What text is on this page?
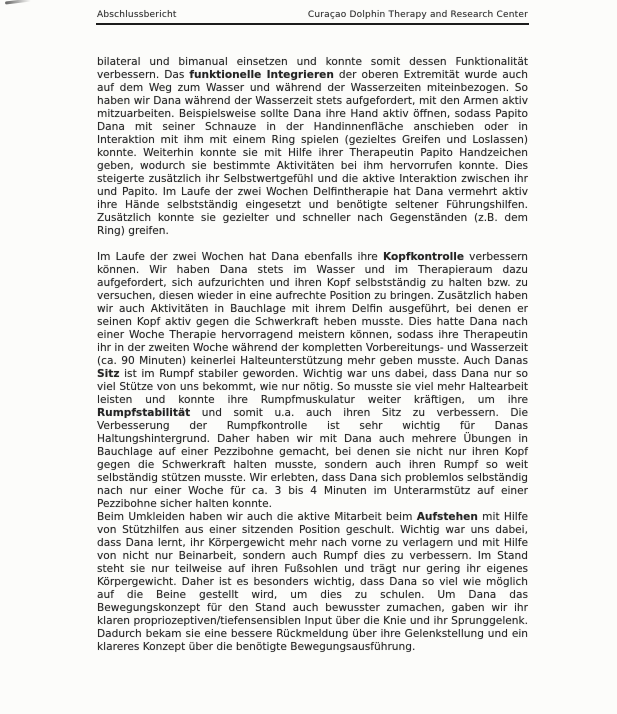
Abschlussbericht	Curaçao Dolphin Therapy and Research Center

bilateral und bimanual einsetzen und konnte somit dessen Funktionalität verbessern. Das funktionelle Integrieren der oberen Extremität wurde auch auf dem Weg zum Wasser und während der Wasserzeiten miteinbezogen. So haben wir Dana während der Wasserzeit stets aufgefordert, mit den Armen aktiv mitzuarbeiten. Beispielsweise sollte Dana ihre Hand aktiv öffnen, sodass Papito Dana mit seiner Schnauze in der Handinnenfläche anschieben oder in Interaktion mit ihm mit einem Ring spielen (gezieltes Greifen und Loslassen) konnte. Weiterhin konnte sie mit Hilfe ihrer Therapeutin Papito Handzeichen geben, wodurch sie bestimmte Aktivitäten bei ihm hervorrufen konnte. Dies steigerte zusätzlich ihr Selbstwertgefühl und die aktive Interaktion zwischen ihr und Papito. Im Laufe der zwei Wochen Delfintherapie hat Dana vermehrt aktiv ihre Hände selbstständig eingesetzt und benötigte seltener Führungshilfen. Zusätzlich konnte sie gezielter und schneller nach Gegenständen (z.B. dem Ring) greifen.

Im Laufe der zwei Wochen hat Dana ebenfalls ihre Kopfkontrolle verbessern können. Wir haben Dana stets im Wasser und im Therapieraum dazu aufgefordert, sich aufzurichten und ihren Kopf selbstständig zu halten bzw. zu versuchen, diesen wieder in eine aufrechte Position zu bringen. Zusätzlich haben wir auch Aktivitäten in Bauchlage mit ihrem Delfin ausgeführt, bei denen er seinen Kopf aktiv gegen die Schwerkraft heben musste. Dies hatte Dana nach einer Woche Therapie hervorragend meistern können, sodass ihre Therapeutin ihr in der zweiten Woche während der kompletten Vorbereitungs- und Wasserzeit (ca. 90 Minuten) keinerlei Halteunterstützung mehr geben musste. Auch Danas Sitz ist im Rumpf stabiler geworden. Wichtig war uns dabei, dass Dana nur so viel Stütze von uns bekommt, wie nur nötig. So musste sie viel mehr Haltearbeit leisten und konnte ihre Rumpfmuskulatur weiter kräftigen, um ihre Rumpfstabilität und somit u.a. auch ihren Sitz zu verbessern. Die Verbesserung der Rumpfkontrolle ist sehr wichtig für Danas Haltungshintergrund. Daher haben wir mit Dana auch mehrere Übungen in Bauchlage auf einer Pezzibohne gemacht, bei denen sie nicht nur ihren Kopf gegen die Schwerkraft halten musste, sondern auch ihren Rumpf so weit selbständig stützen musste. Wir erlebten, dass Dana sich problemlos selbständig nach nur einer Woche für ca. 3 bis 4 Minuten im Unterarmstütz auf einer Pezzibohne sicher halten konnte.

Beim Umkleiden haben wir auch die aktive Mitarbeit beim Aufstehen mit Hilfe von Stützhilfen aus einer sitzenden Position geschult. Wichtig war uns dabei, dass Dana lernt, ihr Körpergewicht mehr nach vorne zu verlagern und mit Hilfe von nicht nur Beinarbeit, sondern auch Rumpf dies zu verbessern. Im Stand steht sie nur teilweise auf ihren Fußsohlen und trägt nur gering ihr eigenes Körpergewicht. Daher ist es besonders wichtig, dass Dana so viel wie möglich auf die Beine gestellt wird, um dies zu schulen. Um Dana das Bewegungskonzept für den Stand auch bewusster zumachen, gaben wir ihr klaren propriozeptiven/tiefensensiblen Input über die Knie und ihr Sprunggelenk. Dadurch bekam sie eine bessere Rückmeldung über ihre Gelenkstellung und ein klareres Konzept über die benötigte Bewegungsausführung.
